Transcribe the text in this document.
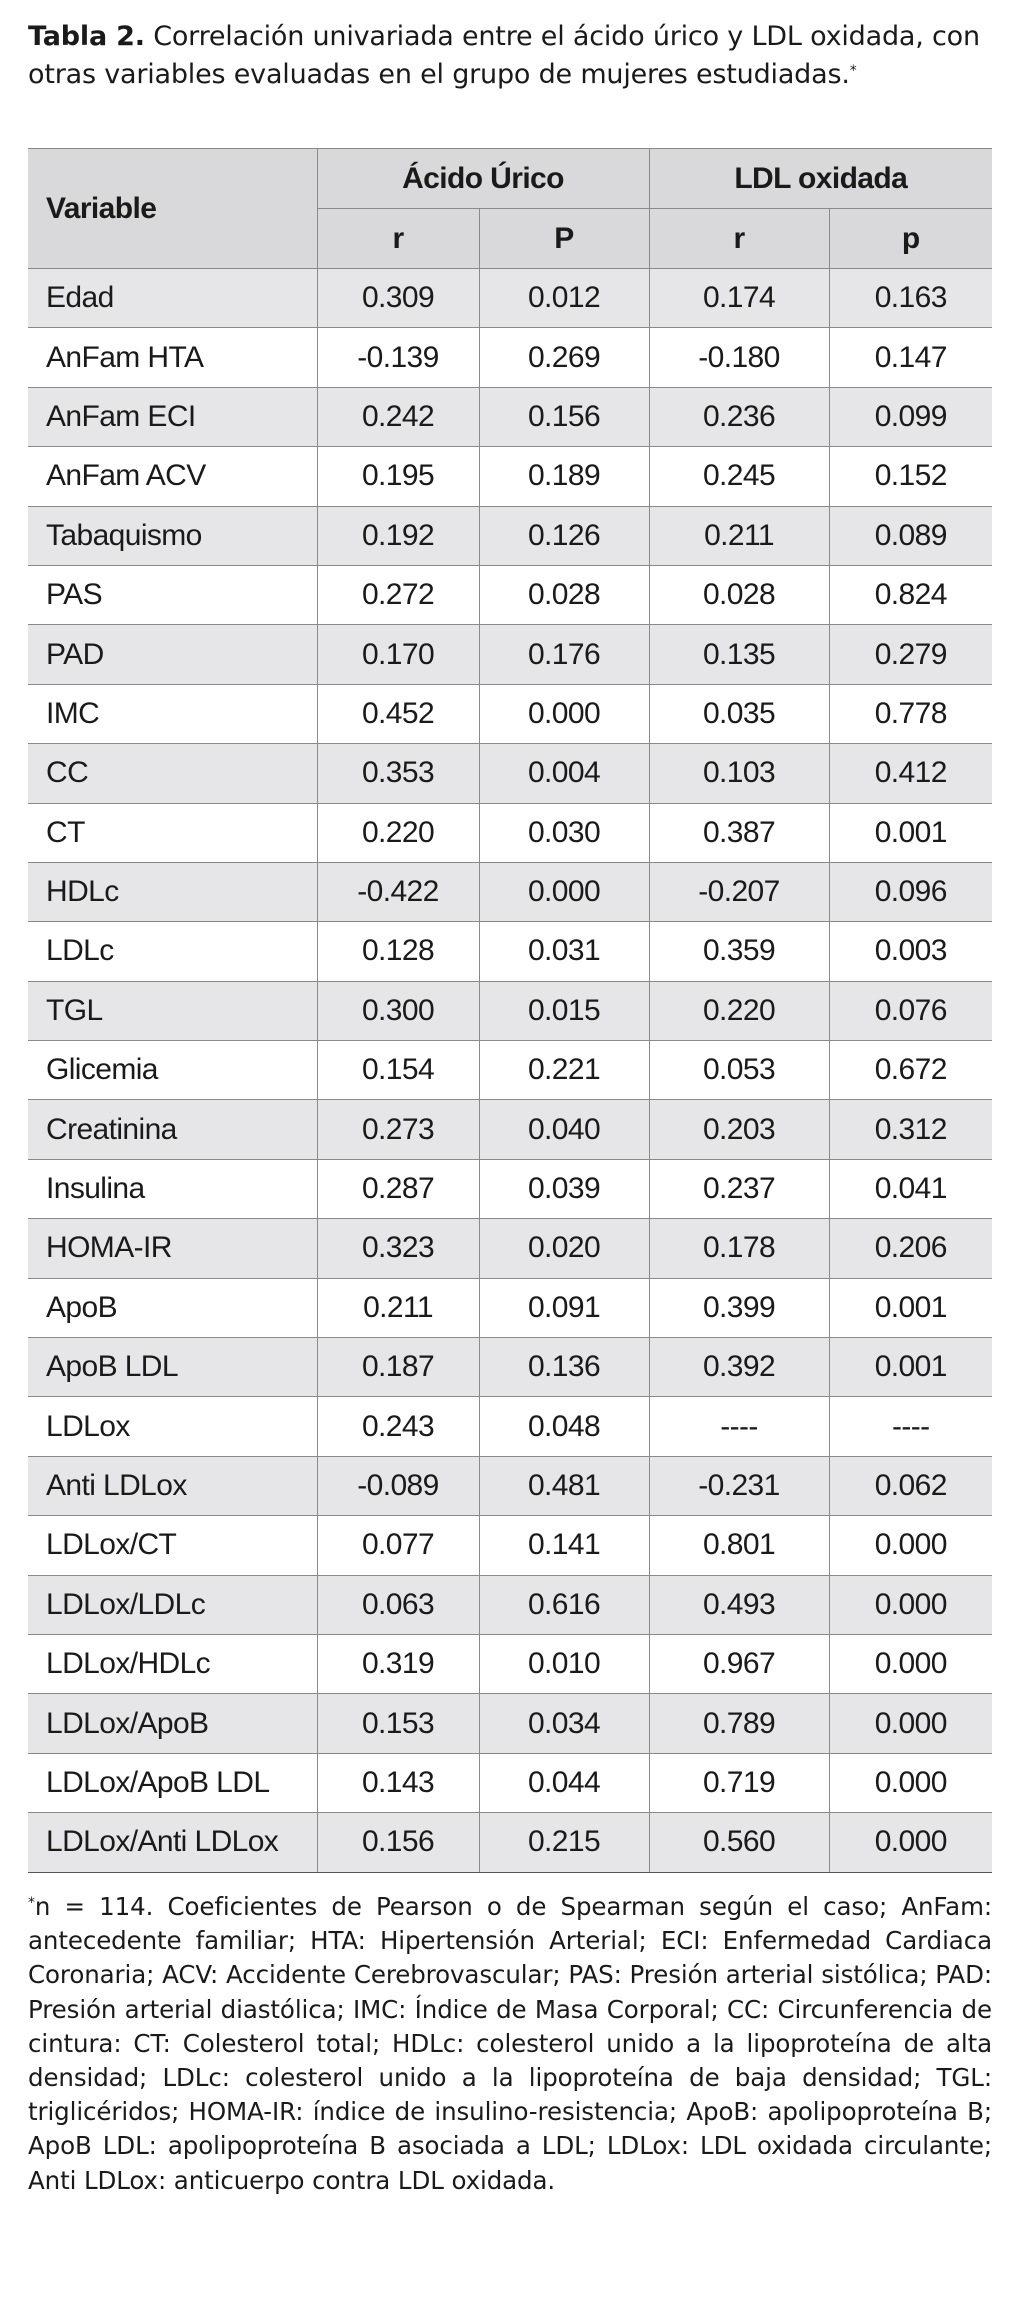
Tabla 2. Correlación univariada entre el ácido úrico y LDL oxidada, con otras variables evaluadas en el grupo de mujeres estudiadas.*
Variable	Ácido Úrico		LDL oxidada	
	r	P	r	p
Edad	0.309	0.012	0.174	0.163
AnFam HTA	-0.139	0.269	-0.180	0.147
AnFam ECI	0.242	0.156	0.236	0.099
AnFam ACV	0.195	0.189	0.245	0.152
Tabaquismo	0.192	0.126	0.211	0.089
PAS	0.272	0.028	0.028	0.824
PAD	0.170	0.176	0.135	0.279
IMC	0.452	0.000	0.035	0.778
CC	0.353	0.004	0.103	0.412
CT	0.220	0.030	0.387	0.001
HDLc	-0.422	0.000	-0.207	0.096
LDLc	0.128	0.031	0.359	0.003
TGL	0.300	0.015	0.220	0.076
Glicemia	0.154	0.221	0.053	0.672
Creatinina	0.273	0.040	0.203	0.312
Insulina	0.287	0.039	0.237	0.041
HOMA-IR	0.323	0.020	0.178	0.206
ApoB	0.211	0.091	0.399	0.001
ApoB LDL	0.187	0.136	0.392	0.001
LDLox	0.243	0.048	----	----
Anti LDLox	-0.089	0.481	-0.231	0.062
LDLox/CT	0.077	0.141	0.801	0.000
LDLox/LDLc	0.063	0.616	0.493	0.000
LDLox/HDLc	0.319	0.010	0.967	0.000
LDLox/ApoB	0.153	0.034	0.789	0.000
LDLox/ApoB LDL	0.143	0.044	0.719	0.000
LDLox/Anti LDLox	0.156	0.215	0.560	0.000
*n = 114. Coeficientes de Pearson o de Spearman según el caso; AnFam: antecedente familiar; HTA: Hipertensión Arterial; ECI: Enfermedad Cardiaca Coronaria; ACV: Accidente Cerebrovascular; PAS: Presión arterial sistólica; PAD: Presión arterial diastólica; IMC: Índice de Masa Corporal; CC: Circunferencia de cintura: CT: Colesterol total; HDLc: colesterol unido a la lipoproteína de alta densidad; LDLc: colesterol unido a la lipoproteína de baja densidad; TGL: triglicéridos; HOMA-IR: índice de insulino-resistencia; ApoB: apolipoproteína B; ApoB LDL: apolipoproteína B asociada a LDL; LDLox: LDL oxidada circulante; Anti LDLox: anticuerpo contra LDL oxidada.
